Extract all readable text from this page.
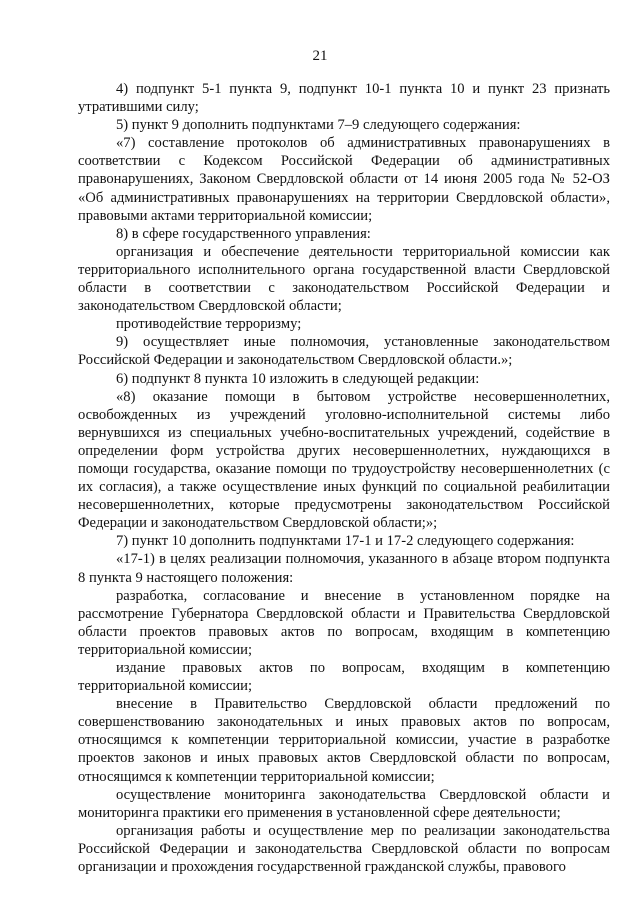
21

4) подпункт 5-1 пункта 9, подпункт 10-1 пункта 10 и пункт 23 признать утратившими силу;

5) пункт 9 дополнить подпунктами 7–9 следующего содержания:

«7) составление протоколов об административных правонарушениях в соответствии с Кодексом Российской Федерации об административных правонарушениях, Законом Свердловской области от 14 июня 2005 года № 52-ОЗ «Об административных правонарушениях на территории Свердловской области», правовыми актами территориальной комиссии;

8) в сфере государственного управления:

организация и обеспечение деятельности территориальной комиссии как территориального исполнительного органа государственной власти Свердловской области в соответствии с законодательством Российской Федерации и законодательством Свердловской области;

противодействие терроризму;

9) осуществляет иные полномочия, установленные законодательством Российской Федерации и законодательством Свердловской области.»;

6) подпункт 8 пункта 10 изложить в следующей редакции:

«8) оказание помощи в бытовом устройстве несовершеннолетних, освобожденных из учреждений уголовно-исполнительной системы либо вернувшихся из специальных учебно-воспитательных учреждений, содействие в определении форм устройства других несовершеннолетних, нуждающихся в помощи государства, оказание помощи по трудоустройству несовершеннолетних (с их согласия), а также осуществление иных функций по социальной реабилитации несовершеннолетних, которые предусмотрены законодательством Российской Федерации и законодательством Свердловской области;»;

7) пункт 10 дополнить подпунктами 17-1 и 17-2 следующего содержания:

«17-1) в целях реализации полномочия, указанного в абзаце втором подпункта 8 пункта 9 настоящего положения:

разработка, согласование и внесение в установленном порядке на рассмотрение Губернатора Свердловской области и Правительства Свердловской области проектов правовых актов по вопросам, входящим в компетенцию территориальной комиссии;

издание правовых актов по вопросам, входящим в компетенцию территориальной комиссии;

внесение в Правительство Свердловской области предложений по совершенствованию законодательных и иных правовых актов по вопросам, относящимся к компетенции территориальной комиссии, участие в разработке проектов законов и иных правовых актов Свердловской области по вопросам, относящимся к компетенции территориальной комиссии;

осуществление мониторинга законодательства Свердловской области и мониторинга практики его применения в установленной сфере деятельности;

организация работы и осуществление мер по реализации законодательства Российской Федерации и законодательства Свердловской области по вопросам организации и прохождения государственной гражданской службы, правового
